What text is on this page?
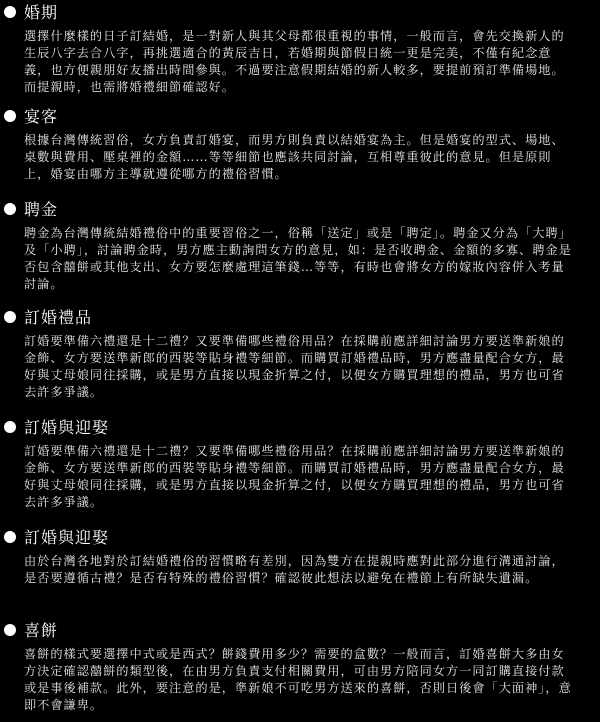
婚期
選擇什麼樣的日子訂結婚，是一對新人與其父母都很重視的事情，一般而言，會先交換新人的生辰八字去合八字，再挑選適合的黃辰吉日，若婚期與節假日統一更是完美，不僅有紀念意義，也方便親朋好友播出時間參與。不過要注意假期結婚的新人較多，要提前預訂準備場地。而提親時，也需將婚禮細節確認好。
宴客
根據台灣傳統習俗，女方負責訂婚宴，而男方則負責以結婚宴為主。但是婚宴的型式、場地、桌數與費用、壓桌裡的金額……等等細節也應該共同討論，互相尊重彼此的意見。但是原則上，婚宴由哪方主導就遵從哪方的禮俗習慣。
聘金
聘金為台灣傳統結婚禮俗中的重要習俗之一，俗稱「送定」或是「聘定」。聘金又分為「大聘」及「小聘」，討論聘金時，男方應主動詢問女方的意見，如：是否收聘金、金額的多寡、聘金是否包含囍餅或其他支出、女方要怎麼處理這筆錢…等等，有時也會將女方的嫁妝內容併入考量討論。
訂婚禮品
訂婚要準備六禮還是十二禮？又要準備哪些禮俗用品？在採購前應詳細討論男方要送準新娘的金飾、女方要送準新郎的西裝等貼身禮等細節。而購買訂婚禮品時，男方應盡量配合女方，最好與丈母娘同往採購，或是男方直接以現金折算之付，以便女方購買理想的禮品，男方也可省去許多爭議。
訂婚與迎娶
訂婚要準備六禮還是十二禮？又要準備哪些禮俗用品？在採購前應詳細討論男方要送準新娘的金飾、女方要送準新郎的西裝等貼身禮等細節。而購買訂婚禮品時，男方應盡量配合女方，最好與丈母娘同往採購，或是男方直接以現金折算之付，以便女方購買理想的禮品，男方也可省去許多爭議。
訂婚與迎娶
由於台灣各地對於訂結婚禮俗的習慣略有差別，因為雙方在提親時應對此部分進行溝通討論，是否要遵循古禮？是否有特殊的禮俗習慣？確認彼此想法以避免在禮節上有所缺失遺漏。
喜餅
喜餅的樣式要選擇中式或是西式？餅錢費用多少？需要的盒數？一般而言，訂婚喜餅大多由女方決定確認囍餅的類型後，在由男方負責支付相關費用，可由男方陪同女方一同訂購直接付款或是事後補款。此外，要注意的是，準新娘不可吃男方送來的喜餅，否則日後會「大面神」，意即不會謙卑。
